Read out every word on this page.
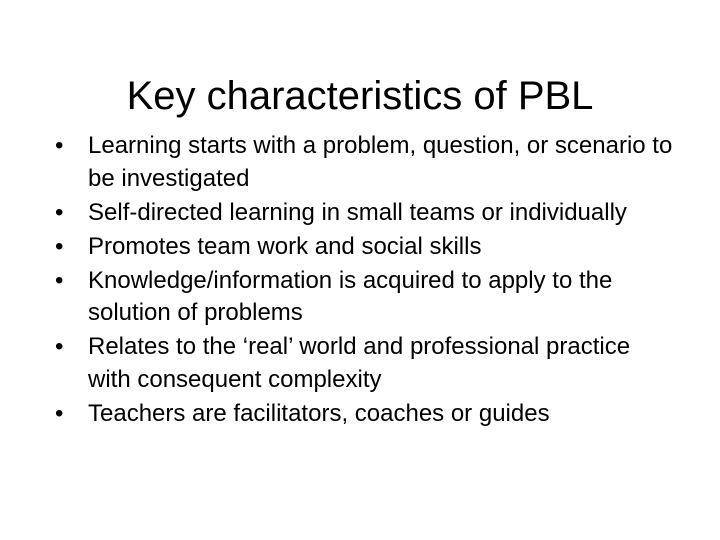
Key characteristics of PBL
•	Learning starts with a problem, question, or scenario to be investigated
•	Self-directed learning in small teams or individually
•	Promotes team work and social skills
•	Knowledge/information is acquired to apply to the solution of problems
•	Relates to the ‘real’ world and professional practice with consequent complexity
•	Teachers are facilitators, coaches or guides
